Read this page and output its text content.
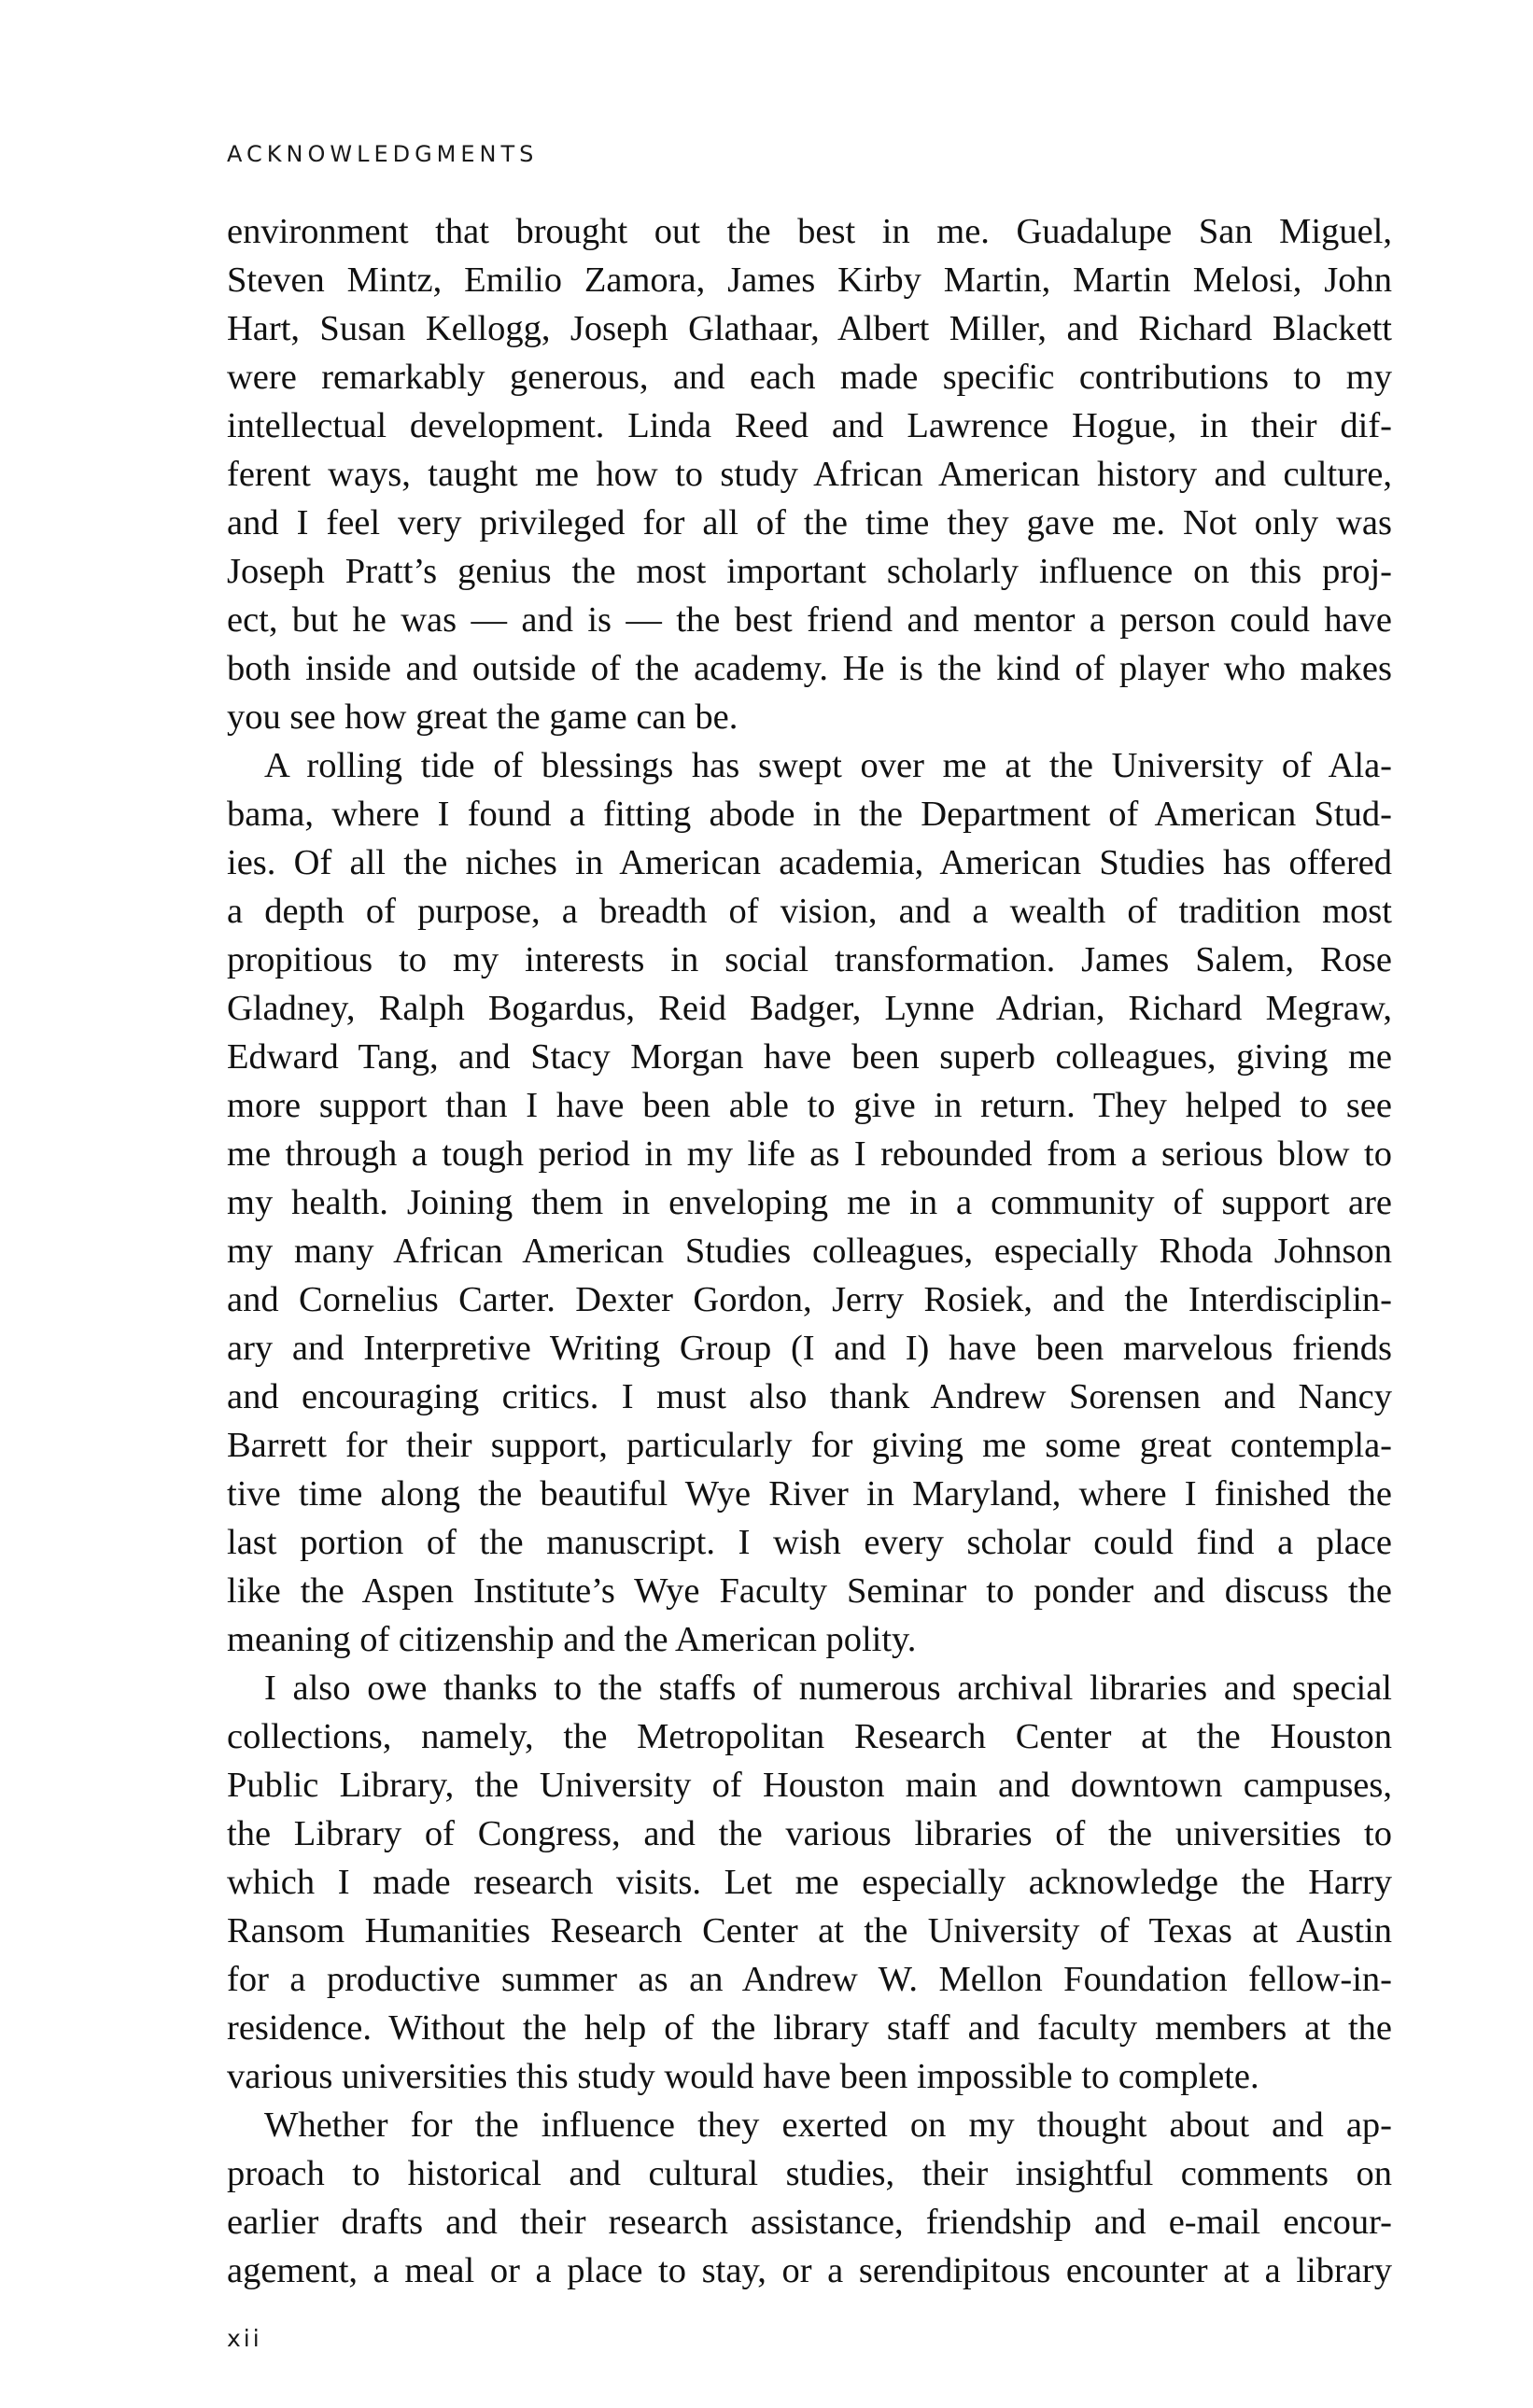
ACKNOWLEDGMENTS
environment that brought out the best in me. Guadalupe San Miguel,
Steven Mintz, Emilio Zamora, James Kirby Martin, Martin Melosi, John
Hart, Susan Kellogg, Joseph Glathaar, Albert Miller, and Richard Blackett
were remarkably generous, and each made specific contributions to my
intellectual development. Linda Reed and Lawrence Hogue, in their dif-
ferent ways, taught me how to study African American history and culture,
and I feel very privileged for all of the time they gave me. Not only was
Joseph Pratt’s genius the most important scholarly influence on this proj-
ect, but he was — and is — the best friend and mentor a person could have
both inside and outside of the academy. He is the kind of player who makes
you see how great the game can be.
A rolling tide of blessings has swept over me at the University of Ala-
bama, where I found a fitting abode in the Department of American Stud-
ies. Of all the niches in American academia, American Studies has offered
a depth of purpose, a breadth of vision, and a wealth of tradition most
propitious to my interests in social transformation. James Salem, Rose
Gladney, Ralph Bogardus, Reid Badger, Lynne Adrian, Richard Megraw,
Edward Tang, and Stacy Morgan have been superb colleagues, giving me
more support than I have been able to give in return. They helped to see
me through a tough period in my life as I rebounded from a serious blow to
my health. Joining them in enveloping me in a community of support are
my many African American Studies colleagues, especially Rhoda Johnson
and Cornelius Carter. Dexter Gordon, Jerry Rosiek, and the Interdisciplin-
ary and Interpretive Writing Group (I and I) have been marvelous friends
and encouraging critics. I must also thank Andrew Sorensen and Nancy
Barrett for their support, particularly for giving me some great contempla-
tive time along the beautiful Wye River in Maryland, where I finished the
last portion of the manuscript. I wish every scholar could find a place
like the Aspen Institute’s Wye Faculty Seminar to ponder and discuss the
meaning of citizenship and the American polity.
I also owe thanks to the staffs of numerous archival libraries and special
collections, namely, the Metropolitan Research Center at the Houston
Public Library, the University of Houston main and downtown campuses,
the Library of Congress, and the various libraries of the universities to
which I made research visits. Let me especially acknowledge the Harry
Ransom Humanities Research Center at the University of Texas at Austin
for a productive summer as an Andrew W. Mellon Foundation fellow-in-
residence. Without the help of the library staff and faculty members at the
various universities this study would have been impossible to complete.
Whether for the influence they exerted on my thought about and ap-
proach to historical and cultural studies, their insightful comments on
earlier drafts and their research assistance, friendship and e-mail encour-
agement, a meal or a place to stay, or a serendipitous encounter at a library
xii
